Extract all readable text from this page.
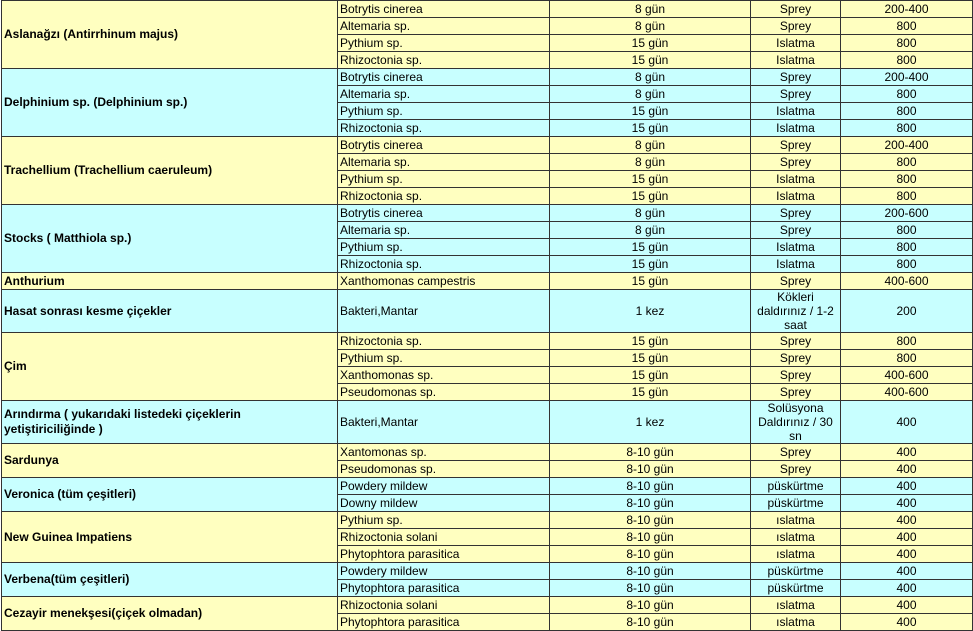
Aslanağzı (Antirrhinum majus)	Botrytis cinerea	8 gün	Sprey	200-400
	Altemaria sp.	8 gün	Sprey	800
	Pythium sp.	15 gün	Islatma	800
	Rhizoctonia sp.	15 gün	Islatma	800
Delphinium sp. (Delphinium sp.)	Botrytis cinerea	8 gün	Sprey	200-400
	Altemaria sp.	8 gün	Sprey	800
	Pythium sp.	15 gün	Islatma	800
	Rhizoctonia sp.	15 gün	Islatma	800
Trachellium (Trachellium caeruleum)	Botrytis cinerea	8 gün	Sprey	200-400
	Altemaria sp.	8 gün	Sprey	800
	Pythium sp.	15 gün	Islatma	800
	Rhizoctonia sp.	15 gün	Islatma	800
Stocks ( Matthiola sp.)	Botrytis cinerea	8 gün	Sprey	200-600
	Altemaria sp.	8 gün	Sprey	800
	Pythium sp.	15 gün	Islatma	800
	Rhizoctonia sp.	15 gün	Islatma	800
Anthurium	Xanthomonas campestris	15 gün	Sprey	400-600
Hasat sonrası kesme çiçekler	Bakteri,Mantar	1 kez	Kökleri daldırınız / 1-2 saat	200
Çim	Rhizoctonia sp.	15 gün	Sprey	800
	Pythium sp.	15 gün	Sprey	800
	Xanthomonas sp.	15 gün	Sprey	400-600
	Pseudomonas sp.	15 gün	Sprey	400-600
Arındırma ( yukarıdaki listedeki çiçeklerin yetiştiriciliğinde )	Bakteri,Mantar	1 kez	Solüsyona Daldırınız / 30 sn	400
Sardunya	Xantomonas sp.	8-10 gün	Sprey	400
	Pseudomonas sp.	8-10 gün	Sprey	400
Veronica (tüm çeşitleri)	Powdery mildew	8-10 gün	püskürtme	400
	Downy mildew	8-10 gün	püskürtme	400
New Guinea Impatiens	Pythium sp.	8-10 gün	ıslatma	400
	Rhizoctonia solani	8-10 gün	ıslatma	400
	Phytophtora parasitica	8-10 gün	ıslatma	400
Verbena(tüm çeşitleri)	Powdery mildew	8-10 gün	püskürtme	400
	Phytophtora parasitica	8-10 gün	püskürtme	400
Cezayir menekşesi(çiçek olmadan)	Rhizoctonia solani	8-10 gün	ıslatma	400
	Phytophtora parasitica	8-10 gün	ıslatma	400
